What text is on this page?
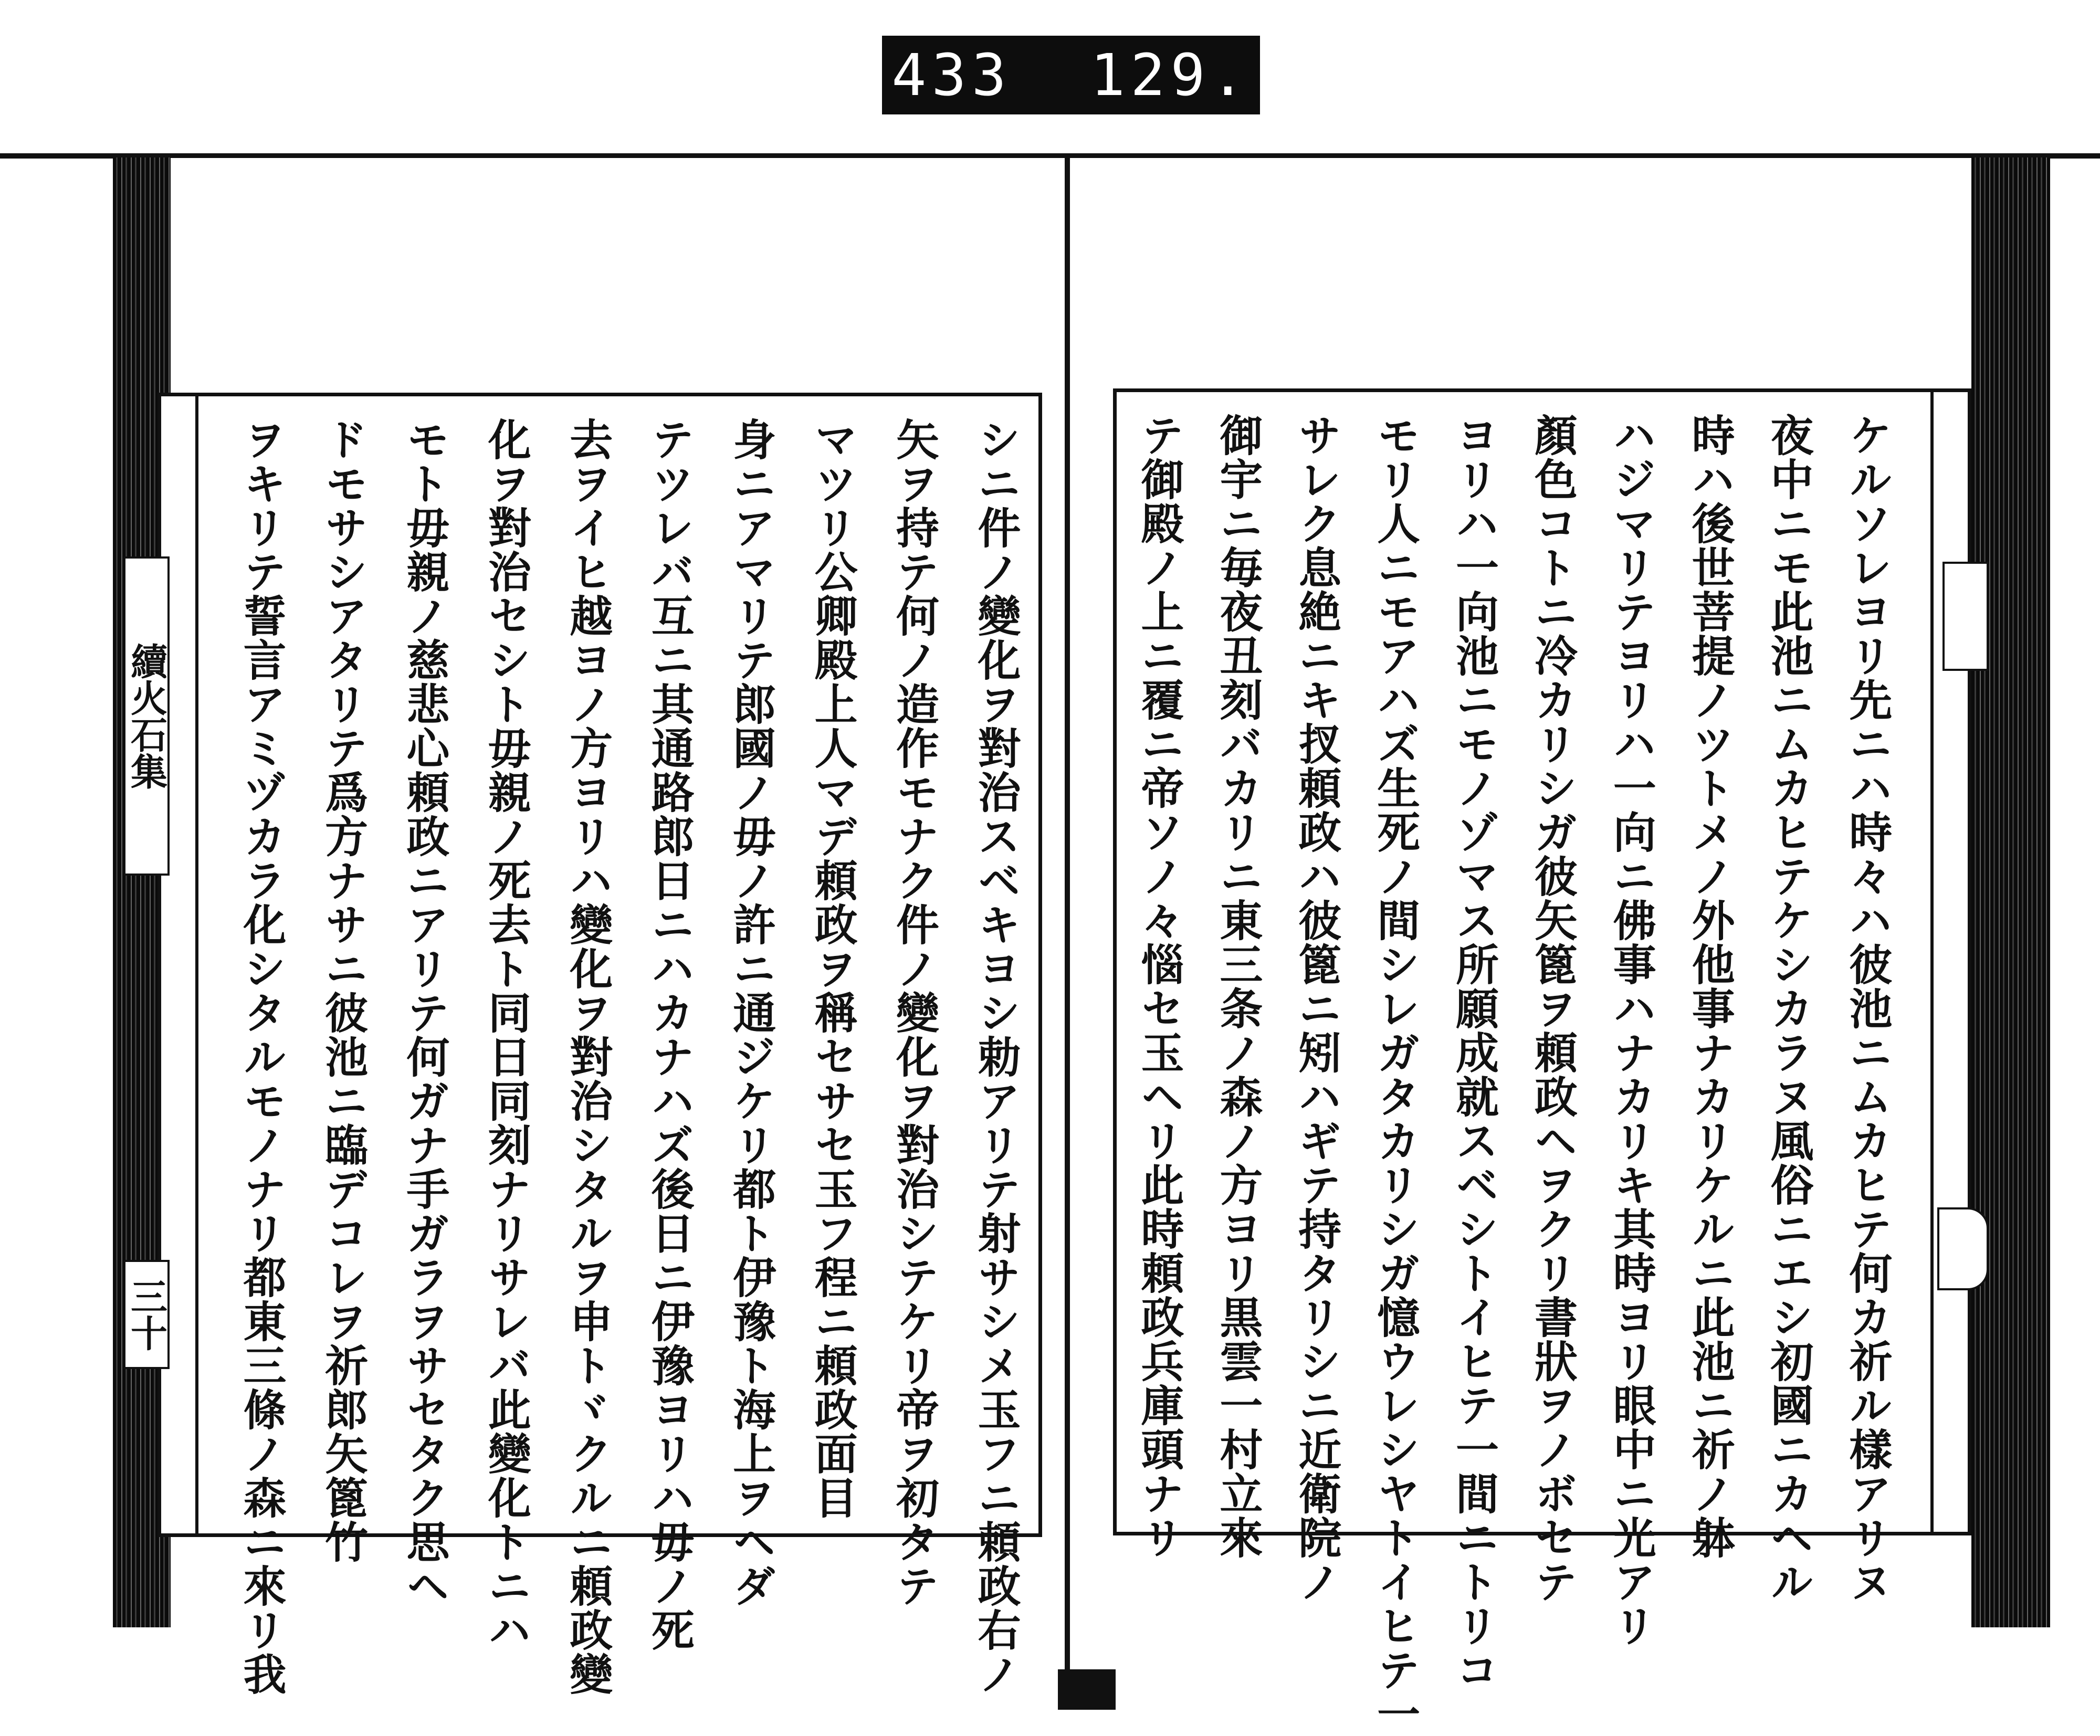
433 129.
シニ件ノ變化ヲ對治スベキヨシ勅アリテ射サシメ玉フニ頼政右ノ
矢ヲ持テ何ノ造作モナク件ノ變化ヲ對治シテケリ帝ヲ初タテ
マツリ公卿殿上人マデ頼政ヲ稱セサセ玉フ程ニ頼政面目
身ニアマリテ郎國ノ毋ノ許ニ通ジケリ都ト伊豫ト海上ヲヘダ
テツレバ互ニ其通路郎日ニハカナハズ後日ニ伊豫ヨリハ毋ノ死
去ヲイヒ越ヨノ方ヨリハ變化ヲ對治シタルヲ申トヾクルニ頼政變
化ヲ對治セシト毋親ノ死去ト同日同刻ナリサレバ此變化トニハ
モト毋親ノ慈悲心頼政ニアリテ何ガナ手ガラヲサセタク思ヘ
ドモサシアタリテ爲方ナサニ彼池ニ臨デコレヲ祈郎矢篦竹
ヲキリテ誓言アミヅカラ化シタルモノナリ都東三條ノ森ニ來リ我	ケルソレヨリ先ニハ時々ハ彼池ニムカヒテ何カ祈ル樣アリヌ
夜中ニモ此池ニムカヒテケシカラヌ風俗ニエシ初國ニカヘル
時ハ後世菩提ノツトメノ外他事ナカリケルニ此池ニ祈ノ躰
ハジマリテヨリハ一向ニ佛事ハナカリキ其時ヨリ眼中ニ光アリ
顏色コトニ冷カリシガ彼矢篦ヲ頼政ヘヲクリ書狀ヲノボセテ
ヨリハ一向池ニモノゾマス所願成就スベシトイヒテ一間ニトリコ
モリ人ニモアハズ生死ノ間シレガタカリシガ憶ウレシヤトイヒテ一
サレク息絶ニキ扠頼政ハ彼篦ニ矧ハギテ持タリシニ近衛院ノ
御宇ニ毎夜丑刻バカリニ東三条ノ森ノ方ヨリ黒雲一村立來
テ御殿ノ上ニ覆ニ帝ソノ々惱セ玉ヘリ此時頼政兵庫頭ナリ
續火石集
三十
